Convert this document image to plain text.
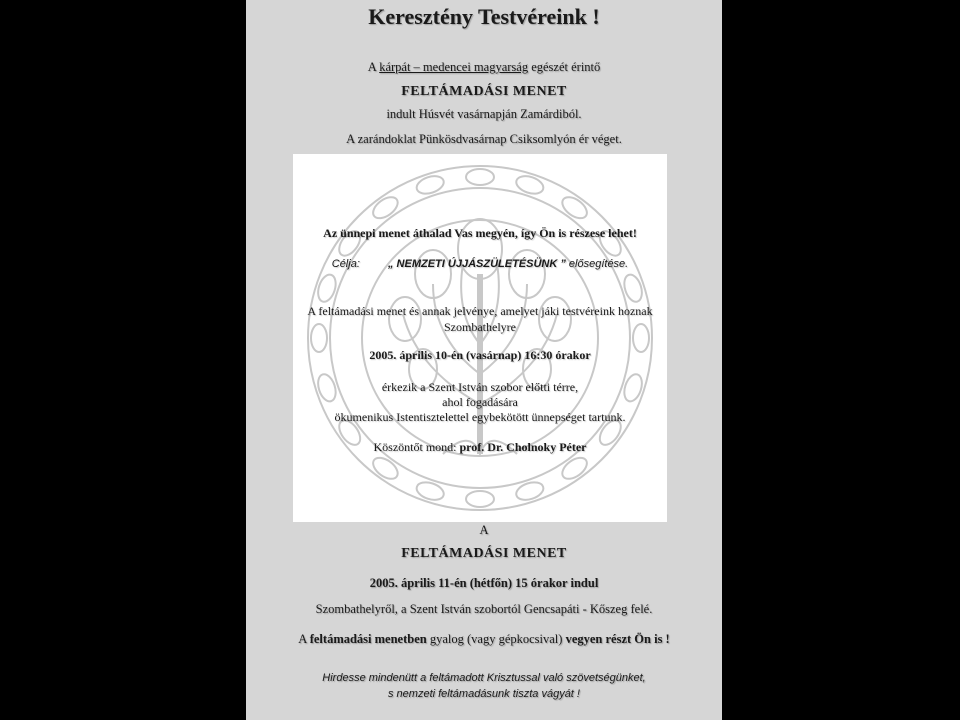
Keresztény Testvéreink !
A kárpát – medencei magyarság egészét érintő
FELTÁMADÁSI MENET
indult Húsvét vasárnapján Zamárdiból.
A zarándoklat Pünkösdvasárnap Csiksomlyón ér véget.
Az ünnepi menet áthalad Vas megyén, így Ön is részese lehet!
Célja:	„ NEMZETI ÚJJÁSZÜLETÉSÜNK ” elősegítése.
A feltámadási menet és annak jelvénye, amelyet jáki testvéreink hoznak
Szombathelyre
2005. április 10-én (vasárnap) 16:30 órakor
érkezik a Szent István szobor előtti térre,
ahol fogadására
ökumenikus Istentisztelettel egybekötött ünnepséget tartunk.
Köszöntőt mond: prof. Dr. Cholnoky Péter
A
FELTÁMADÁSI MENET
2005. április 11-én (hétfőn) 15 órakor indul
Szombathelyről, a Szent István szobortól Gencsapáti - Kőszeg felé.
A feltámadási menetben gyalog (vagy gépkocsival) vegyen részt Ön is !
Hirdesse mindenütt a feltámadott Krisztussal való szövetségünket,
s nemzeti feltámadásunk tiszta vágyát !
